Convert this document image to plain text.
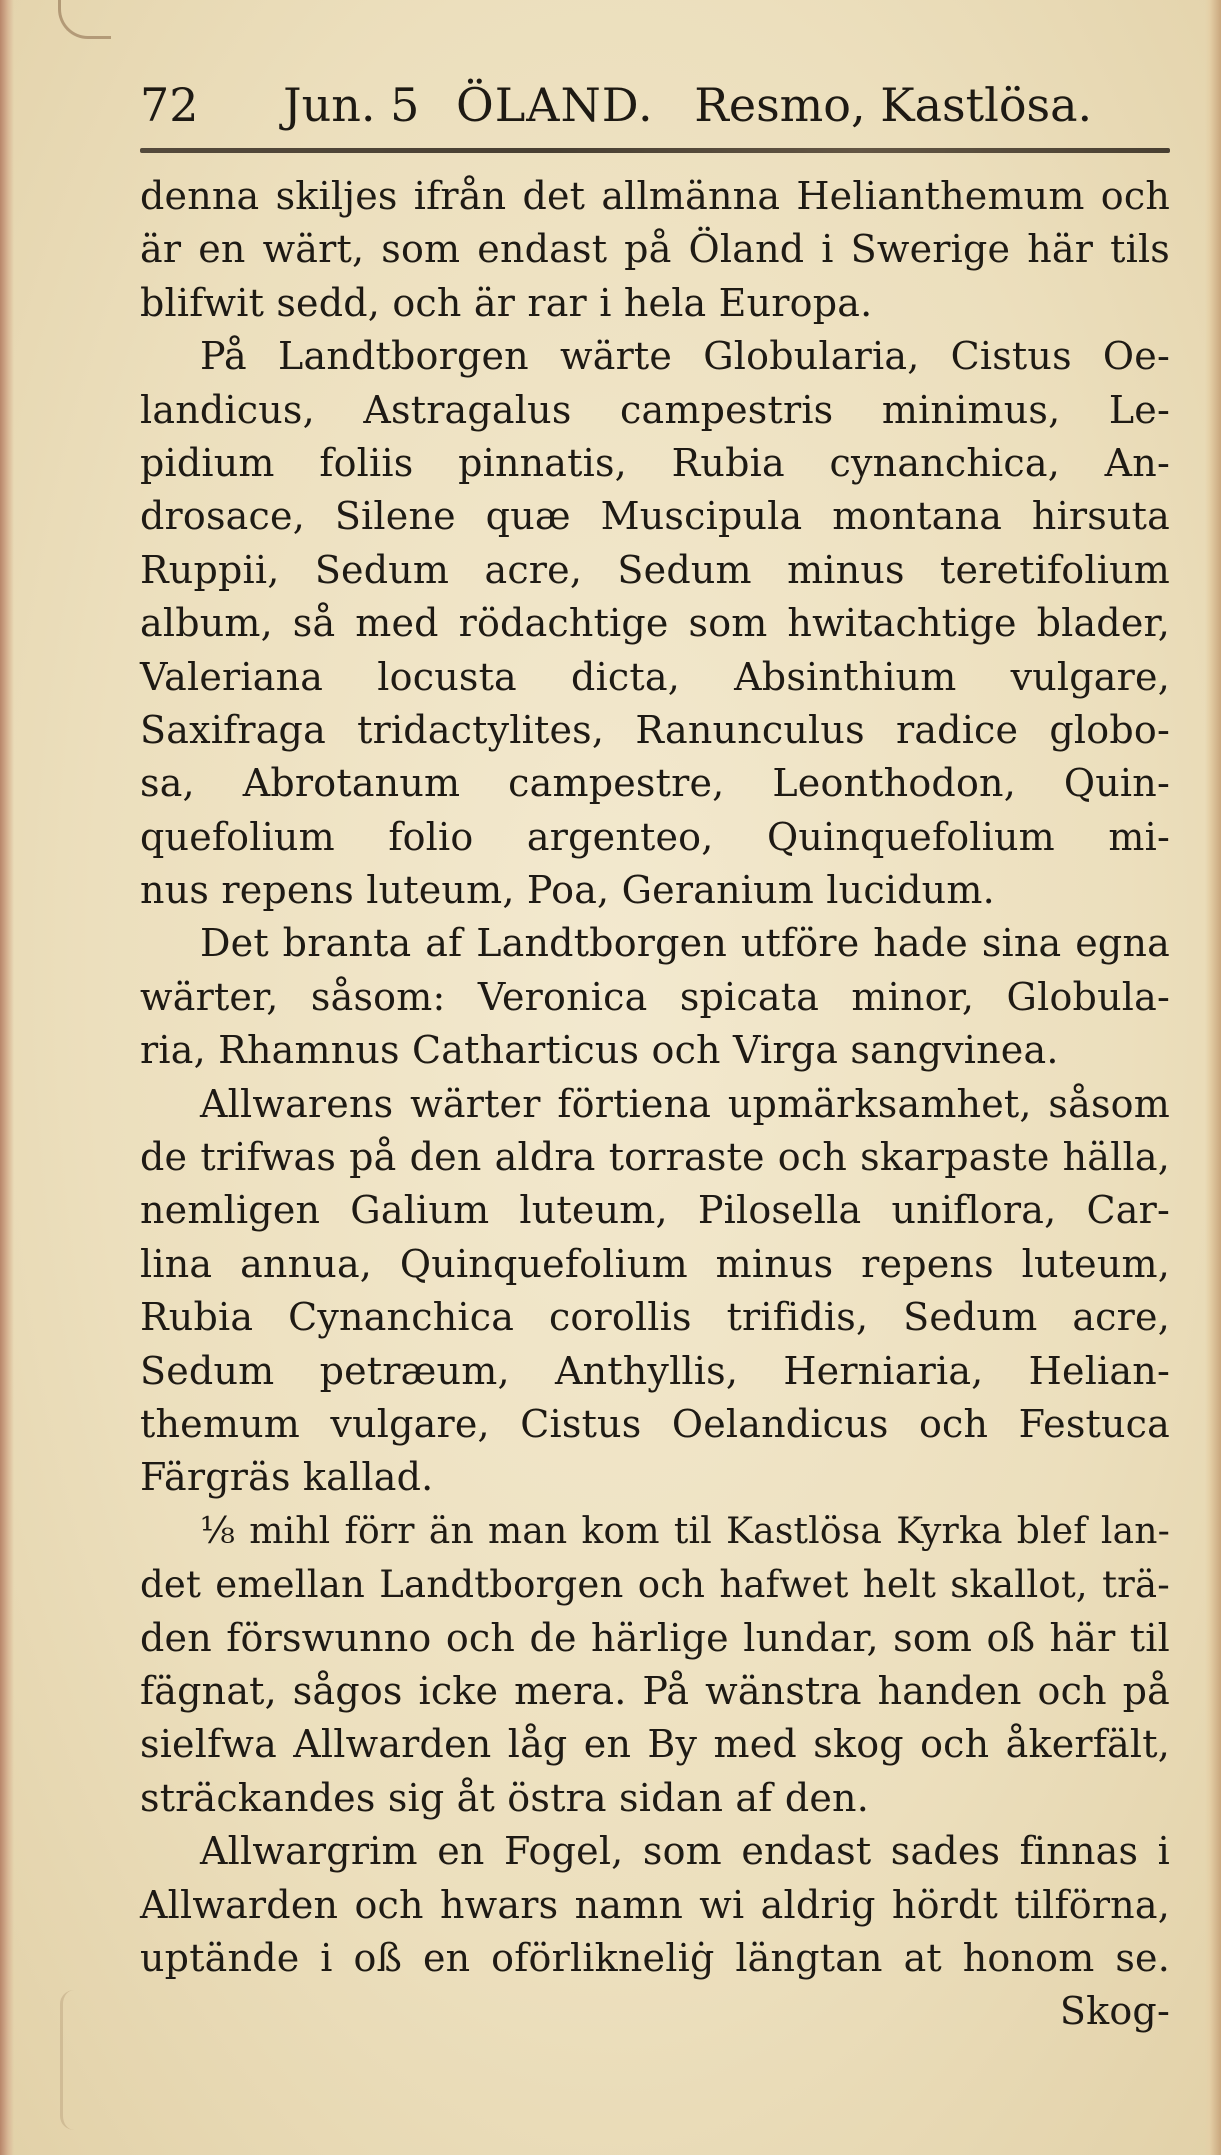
72 Jun. 5 ÖLAND. Resmo, Kastlösa.
denna skiljes ifrån det allmänna Helianthemum och
är en wärt, som endast på Öland i Swerige här tils
blifwit sedd, och är rar i hela Europa.
På Landtborgen wärte Globularia, Cistus Oe-
landicus, Astragalus campestris minimus, Le-
pidium foliis pinnatis, Rubia cynanchica, An-
drosace, Silene quæ Muscipula montana hirsuta
Ruppii, Sedum acre, Sedum minus teretifolium
album, så med rödachtige som hwitachtige blader,
Valeriana locusta dicta, Absinthium vulgare,
Saxifraga tridactylites, Ranunculus radice globo-
sa, Abrotanum campestre, Leonthodon, Quin-
quefolium folio argenteo, Quinquefolium mi-
nus repens luteum, Poa, Geranium lucidum.
Det branta af Landtborgen utföre hade sina egna
wärter, såsom: Veronica spicata minor, Globula-
ria, Rhamnus Catharticus och Virga sangvinea.
Allwarens wärter förtiena upmärksamhet, såsom
de trifwas på den aldra torraste och skarpaste hälla,
nemligen Galium luteum, Pilosella uniflora, Car-
lina annua, Quinquefolium minus repens luteum,
Rubia Cynanchica corollis trifidis, Sedum acre,
Sedum petræum, Anthyllis, Herniaria, Helian-
themum vulgare, Cistus Oelandicus och Festuca
Färgräs kallad.
⅛ mihl förr än man kom til Kastlösa Kyrka blef lan-
det emellan Landtborgen och hafwet helt skallot, trä-
den förswunno och de härlige lundar, som oß här til
fägnat, sågos icke mera. På wänstra handen och på
sielfwa Allwarden låg en By med skog och åkerfält,
sträckandes sig åt östra sidan af den.
Allwargrim en Fogel, som endast sades finnas i
Allwarden och hwars namn wi aldrig hördt tilförna,
uptände i oß en oförlikneliġ längtan at honom se.
Skog-
